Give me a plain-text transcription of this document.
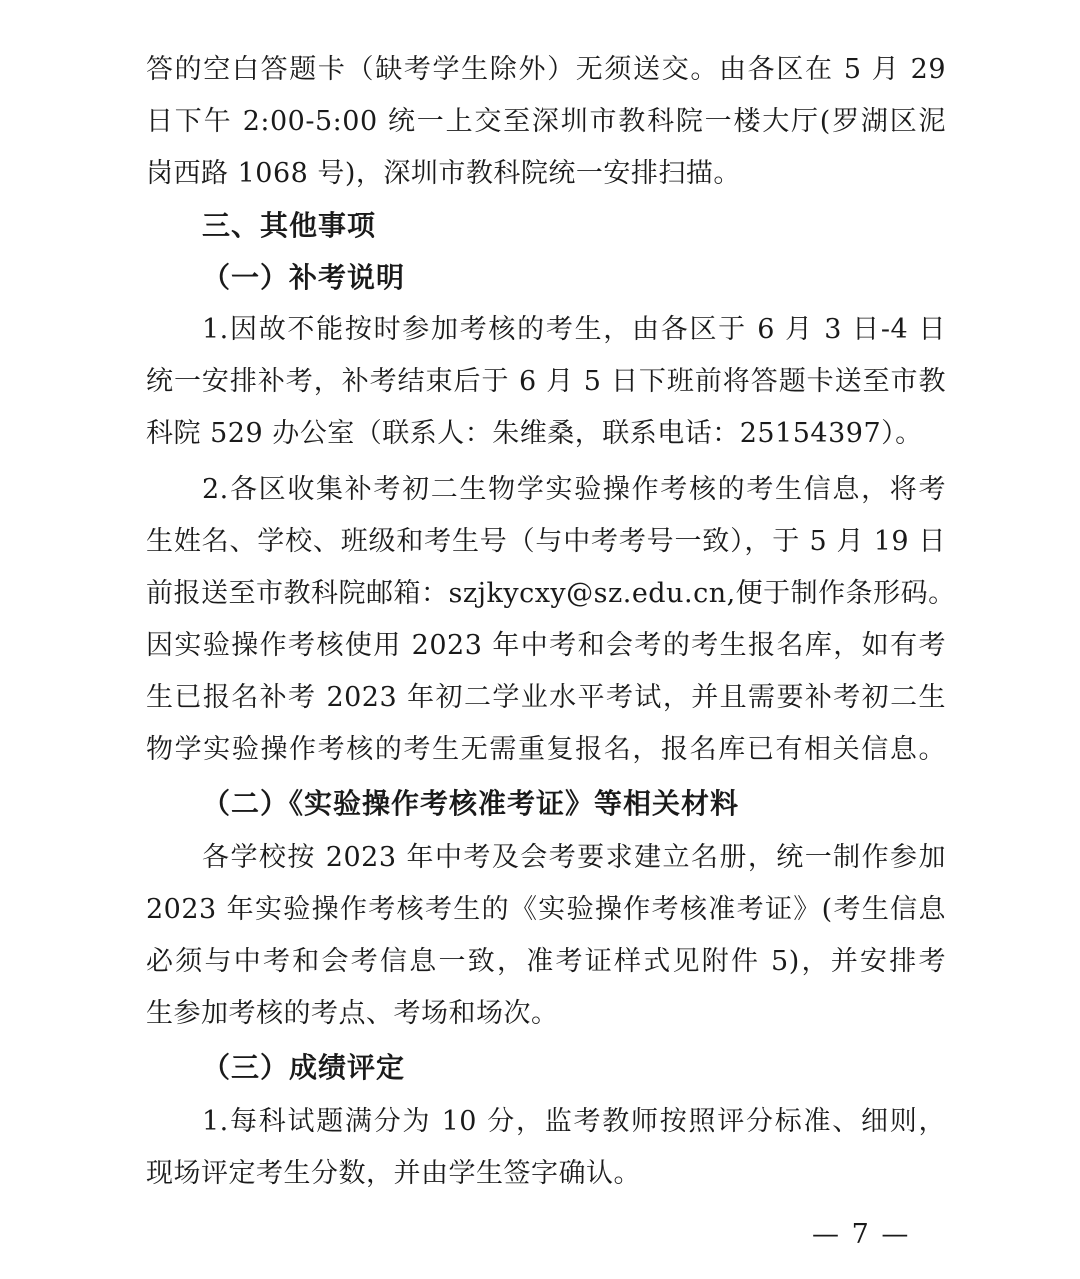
答的空白答题卡（缺考学生除外）无须送交。由各区在 5 月 29
日下午 2:00-5:00 统一上交至深圳市教科院一楼大厅(罗湖区泥
岗西路 1068 号)，深圳市教科院统一安排扫描。
三、其他事项
（一）补考说明
1.因故不能按时参加考核的考生，由各区于 6 月 3 日-4 日
统一安排补考，补考结束后于 6 月 5 日下班前将答题卡送至市教
科院 529 办公室（联系人：朱维桑，联系电话：25154397）。
2.各区收集补考初二生物学实验操作考核的考生信息，将考
生姓名、学校、班级和考生号（与中考考号一致），于 5 月 19 日
前报送至市教科院邮箱：szjkycxy@sz.edu.cn,便于制作条形码。
因实验操作考核使用 2023 年中考和会考的考生报名库，如有考
生已报名补考 2023 年初二学业水平考试，并且需要补考初二生
物学实验操作考核的考生无需重复报名，报名库已有相关信息。
（二）《实验操作考核准考证》等相关材料
各学校按 2023 年中考及会考要求建立名册，统一制作参加
2023 年实验操作考核考生的《实验操作考核准考证》(考生信息
必须与中考和会考信息一致，准考证样式见附件 5)，并安排考
生参加考核的考点、考场和场次。
（三）成绩评定
1.每科试题满分为 10 分，监考教师按照评分标准、细则，
现场评定考生分数，并由学生签字确认。
— 7 —
